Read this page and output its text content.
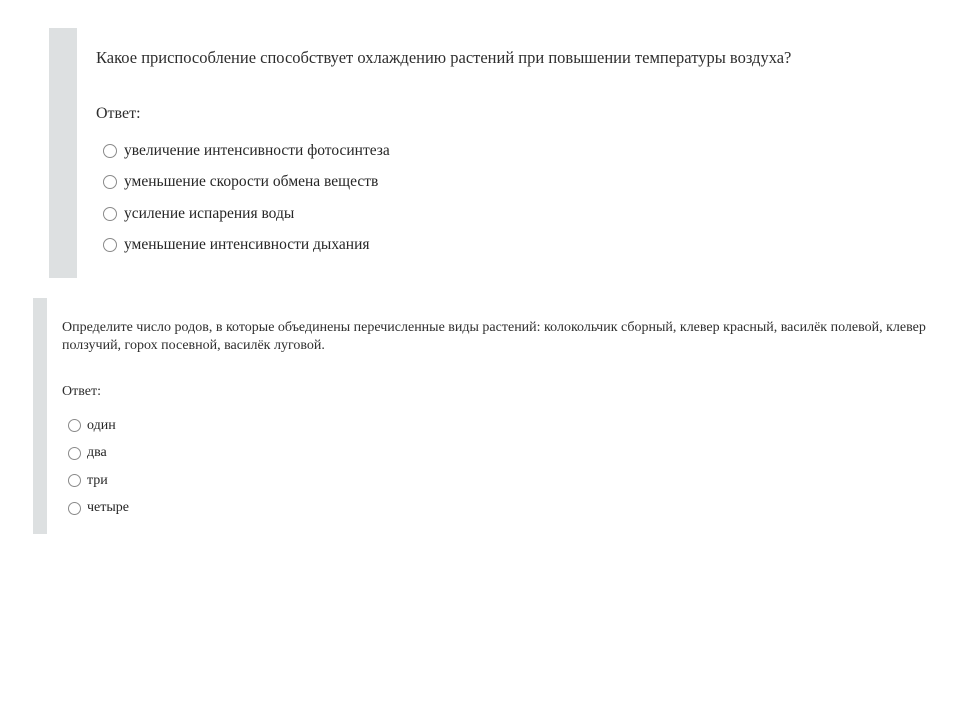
Какое приспособление способствует охлаждению растений при повышении температуры воздуха?
Ответ:
увеличение интенсивности фотосинтеза
уменьшение скорости обмена веществ
усиление испарения воды
уменьшение интенсивности дыхания
Определите число родов, в которые объединены перечисленные виды растений: колокольчик сборный, клевер красный, василёк полевой, клевер ползучий, горох посевной, василёк луговой.
Ответ:
один
два
три
четыре
